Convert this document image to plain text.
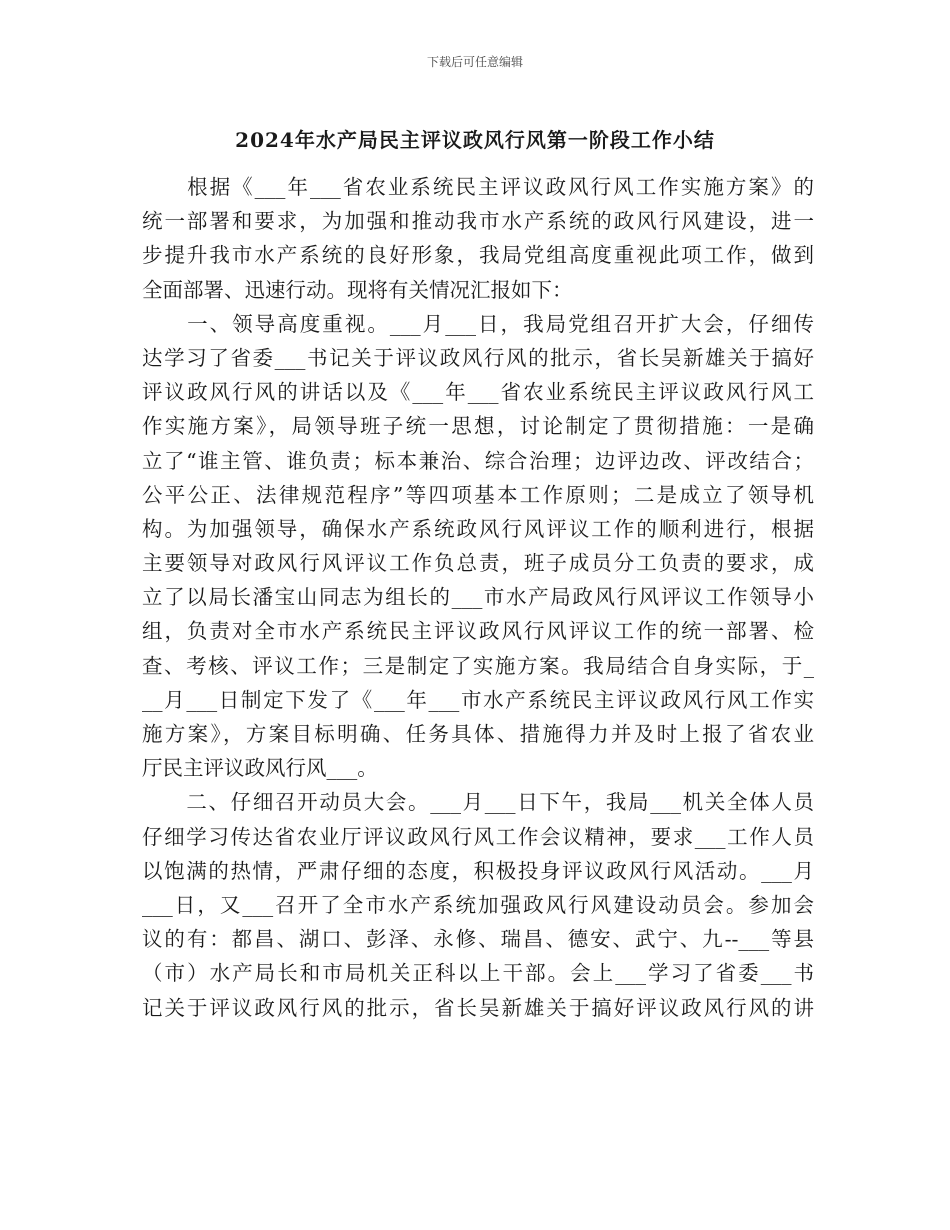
下载后可任意编辑
2024年水产局民主评议政风行风第一阶段工作小结
　　根据《___年___省农业系统民主评议政风行风工作实施方案》的
统一部署和要求，为加强和推动我市水产系统的政风行风建设，进一
步提升我市水产系统的良好形象，我局党组高度重视此项工作，做到
全面部署、迅速行动。现将有关情况汇报如下：
　　一、领导高度重视。___月___日，我局党组召开扩大会，仔细传
达学习了省委___书记关于评议政风行风的批示，省长吴新雄关于搞好
评议政风行风的讲话以及《___年___省农业系统民主评议政风行风工
作实施方案》，局领导班子统一思想，讨论制定了贯彻措施：一是确
立了“谁主管、谁负责；标本兼治、综合治理；边评边改、评改结合；
公平公正、法律规范程序”等四项基本工作原则；二是成立了领导机
构。为加强领导，确保水产系统政风行风评议工作的顺利进行，根据
主要领导对政风行风评议工作负总责，班子成员分工负责的要求，成
立了以局长潘宝山同志为组长的___市水产局政风行风评议工作领导小
组，负责对全市水产系统民主评议政风行风评议工作的统一部署、检
查、考核、评议工作；三是制定了实施方案。我局结合自身实际，于_
__月___日制定下发了《___年___市水产系统民主评议政风行风工作实
施方案》，方案目标明确、任务具体、措施得力并及时上报了省农业
厅民主评议政风行风___。
　　二、仔细召开动员大会。___月___日下午，我局___机关全体人员
仔细学习传达省农业厅评议政风行风工作会议精神，要求___工作人员
以饱满的热情，严肃仔细的态度，积极投身评议政风行风活动。___月
___日，又___召开了全市水产系统加强政风行风建设动员会。参加会
议的有：都昌、湖口、彭泽、永修、瑞昌、德安、武宁、九--___等县
（市）水产局长和市局机关正科以上干部。会上___学习了省委___书
记关于评议政风行风的批示，省长吴新雄关于搞好评议政风行风的讲
